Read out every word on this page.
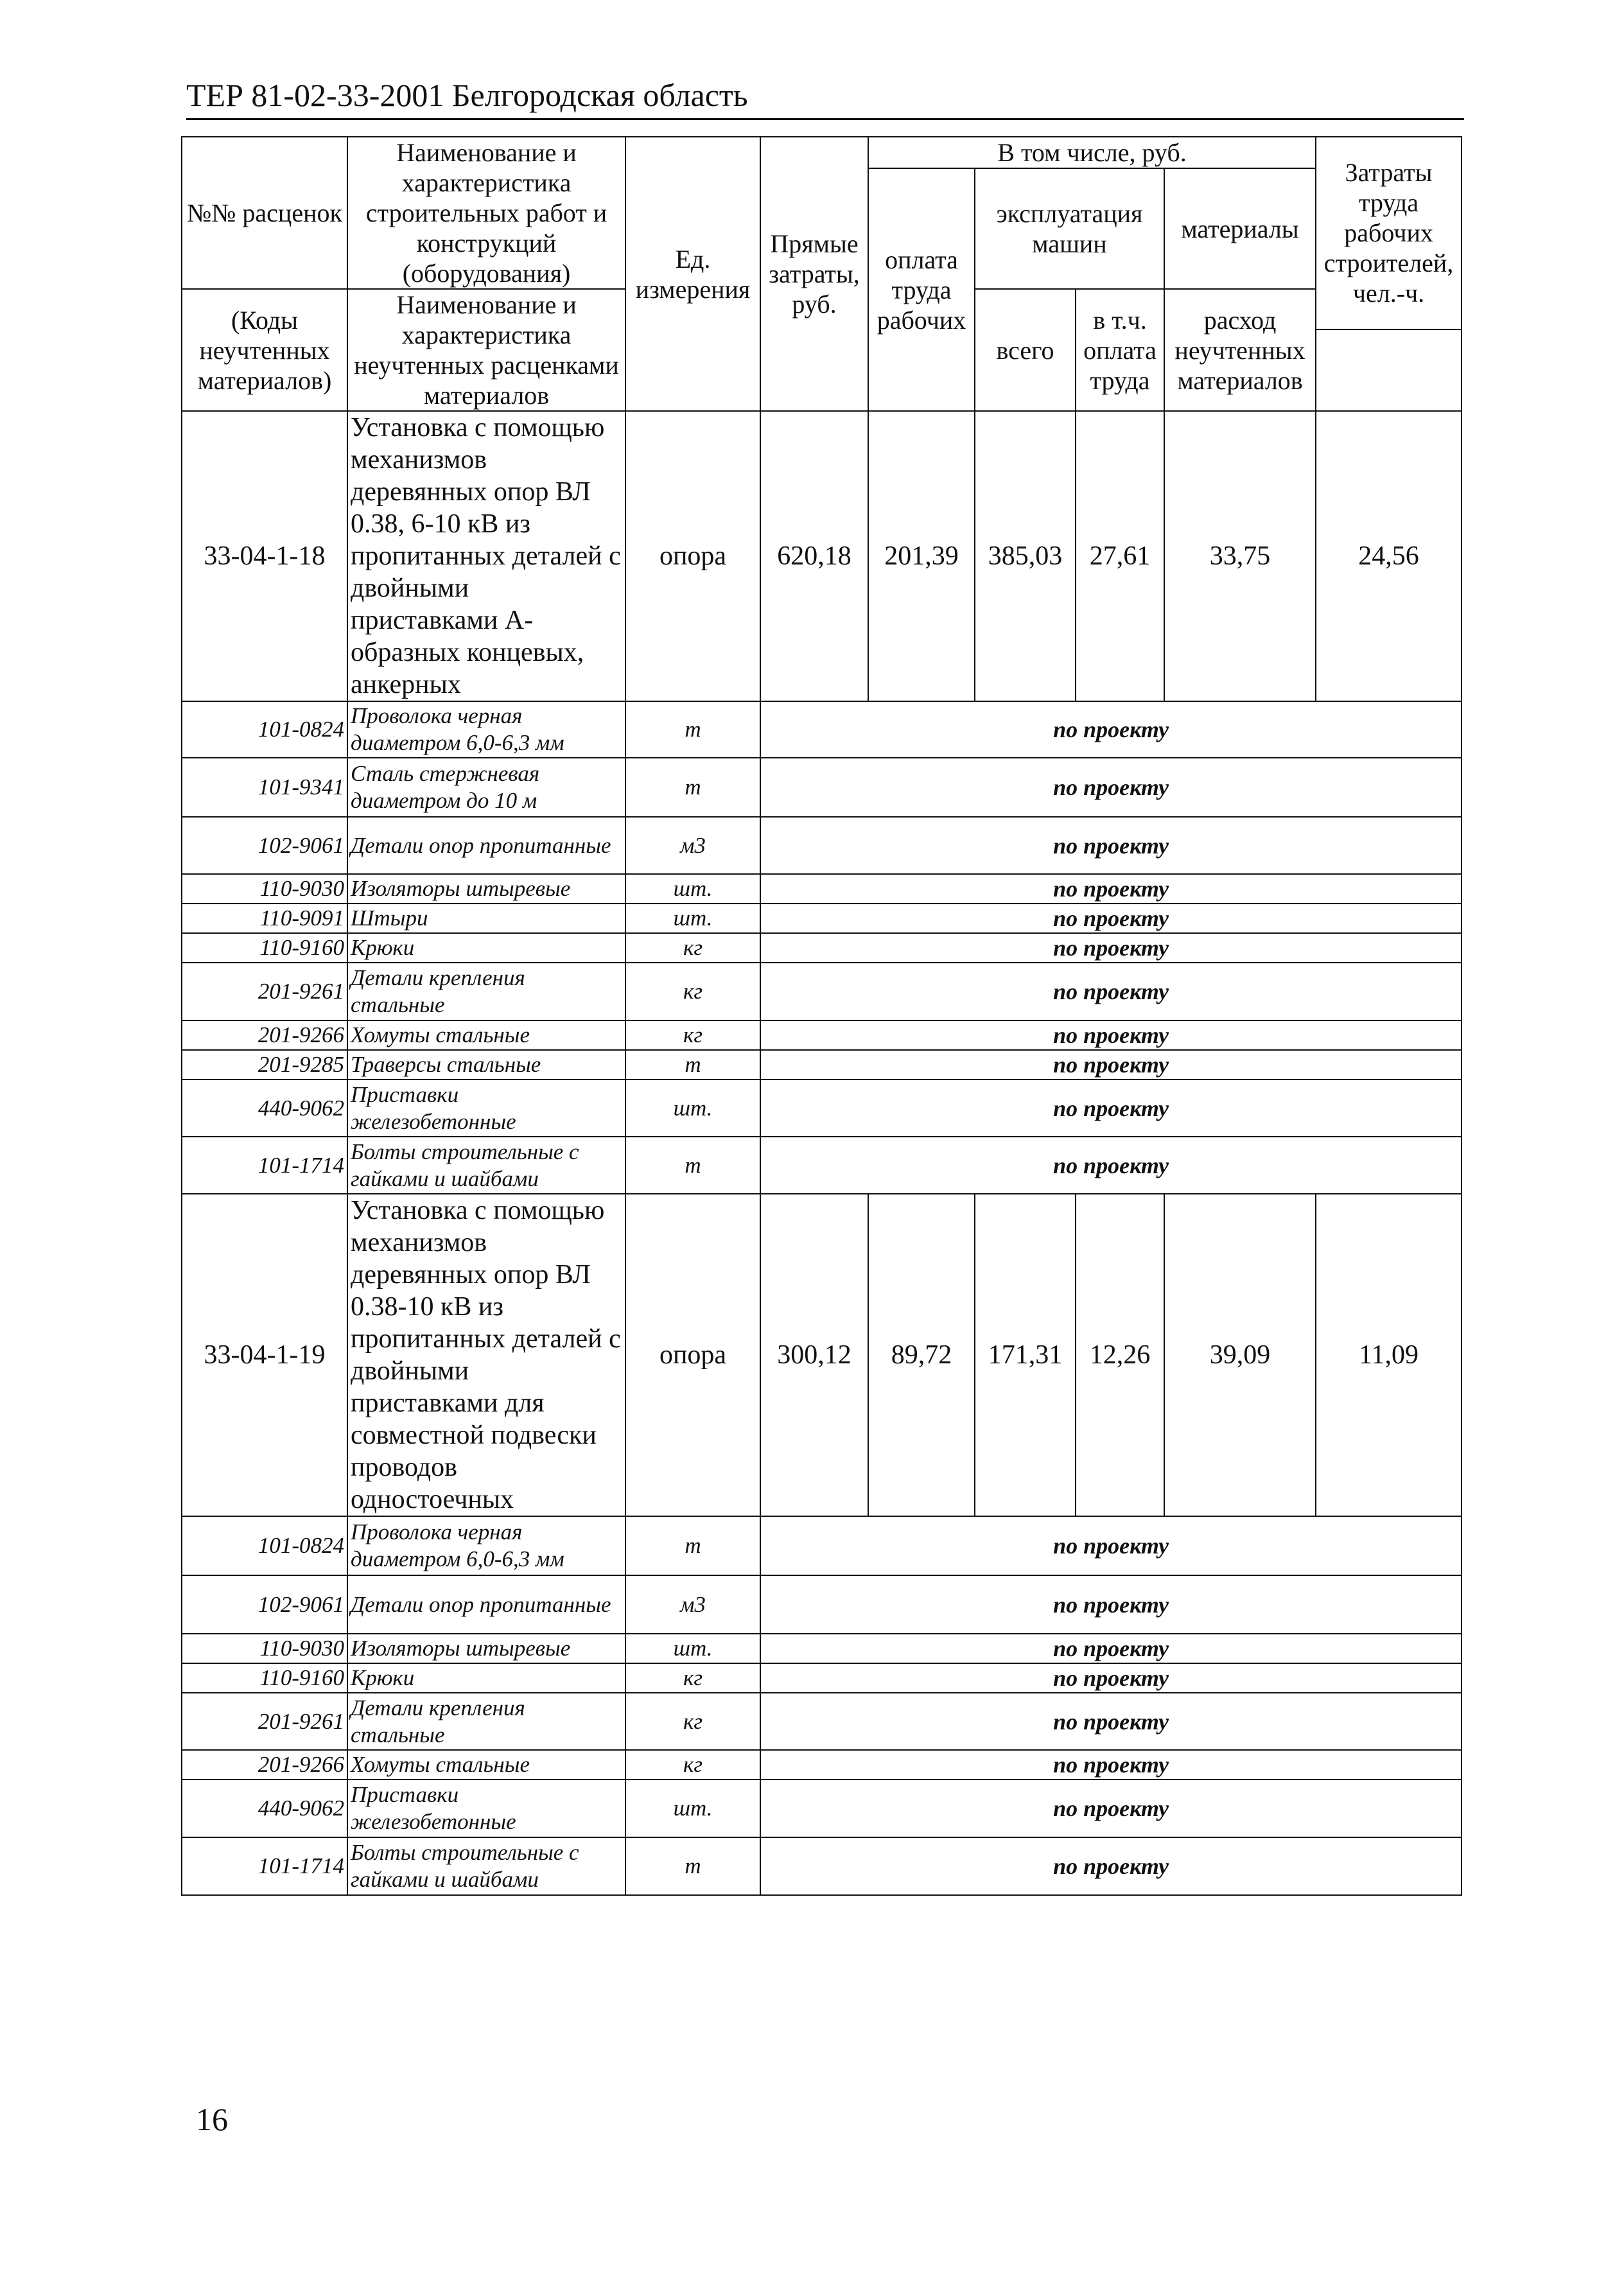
ТЕР 81-02-33-2001 Белгородская область
№№ расценок	Наименование и характеристика строительных работ и конструкций (оборудования)	Ед. измерения	Прямые затраты, руб.	В том числе, руб.				Затраты труда рабочих строителей, чел.-ч.
				оплата труда рабочих	эксплуатация машин		материалы	

(Коды неучтенных материалов)	Наименование и характеристика неучтенных расценками материалов				всего	в т.ч. оплата труда	расход неучтенных материалов	

33-04-1-18	Установка с помощью механизмов деревянных опор ВЛ 0.38, 6-10 кВ из пропитанных деталей с двойными приставками А- образных концевых, анкерных	опора	620,18	201,39	385,03	27,61	33,75	24,56
101-0824	Проволока черная диаметром 6,0-6,3 мм	т	по проекту					
101-9341	Сталь стержневая диаметром до 10 м	т	по проекту					
102-9061	Детали опор пропитанные	м3	по проекту					
110-9030	Изоляторы штыревые	шт.	по проекту					
110-9091	Штыри	шт.	по проекту					
110-9160	Крюки	кг	по проекту					
201-9261	Детали крепления стальные	кг	по проекту					
201-9266	Хомуты стальные	кг	по проекту					
201-9285	Траверсы стальные	т	по проекту					
440-9062	Приставки железобетонные	шт.	по проекту					
101-1714	Болты строительные с гайками и шайбами	т	по проекту					
33-04-1-19	Установка с помощью механизмов деревянных опор ВЛ 0.38-10 кВ из пропитанных деталей с двойными приставками для совместной подвески проводов одностоечных	опора	300,12	89,72	171,31	12,26	39,09	11,09
101-0824	Проволока черная диаметром 6,0-6,3 мм	т	по проекту					
102-9061	Детали опор пропитанные	м3	по проекту					
110-9030	Изоляторы штыревые	шт.	по проекту					
110-9160	Крюки	кг	по проекту					
201-9261	Детали крепления стальные	кг	по проекту					
201-9266	Хомуты стальные	кг	по проекту					
440-9062	Приставки железобетонные	шт.	по проекту					
101-1714	Болты строительные с гайками и шайбами	т	по проекту					
16
